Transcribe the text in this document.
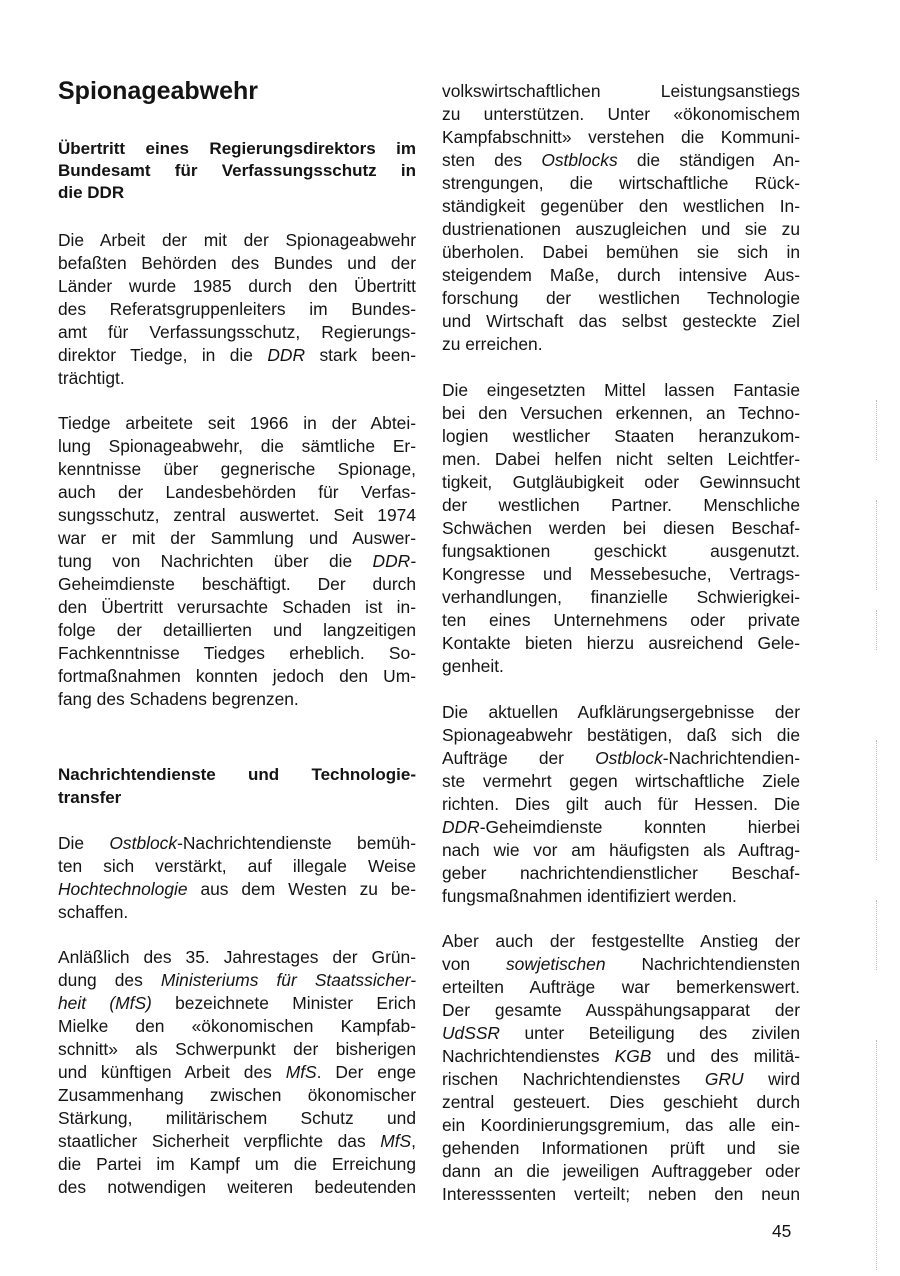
Spionageabwehr
Übertritt eines Regierungsdirektors im
Bundesamt für Verfassungsschutz in
die DDR
Die Arbeit der mit der Spionageabwehr
befaßten Behörden des Bundes und der
Länder wurde 1985 durch den Übertritt
des Referatsgruppenleiters im Bundes-
amt für Verfassungsschutz, Regierungs-
direktor Tiedge, in die DDR stark been-
trächtigt.
Tiedge arbeitete seit 1966 in der Abtei-
lung Spionageabwehr, die sämtliche Er-
kenntnisse über gegnerische Spionage,
auch der Landesbehörden für Verfas-
sungsschutz, zentral auswertet. Seit 1974
war er mit der Sammlung und Auswer-
tung von Nachrichten über die DDR-
Geheimdienste beschäftigt. Der durch
den Übertritt verursachte Schaden ist in-
folge der detaillierten und langzeitigen
Fachkenntnisse Tiedges erheblich. So-
fortmaßnahmen konnten jedoch den Um-
fang des Schadens begrenzen.
Nachrichtendienste und Technologie-
transfer
Die Ostblock-Nachrichtendienste bemüh-
ten sich verstärkt, auf illegale Weise
Hochtechnologie aus dem Westen zu be-
schaffen.
Anläßlich des 35. Jahrestages der Grün-
dung des Ministeriums für Staatssicher-
heit (MfS) bezeichnete Minister Erich
Mielke den «ökonomischen Kampfab-
schnitt» als Schwerpunkt der bisherigen
und künftigen Arbeit des MfS. Der enge
Zusammenhang zwischen ökonomischer
Stärkung, militärischem Schutz und
staatlicher Sicherheit verpflichte das MfS,
die Partei im Kampf um die Erreichung
des notwendigen weiteren bedeutenden
volkswirtschaftlichen Leistungsanstiegs
zu unterstützen. Unter «ökonomischem
Kampfabschnitt» verstehen die Kommuni-
sten des Ostblocks die ständigen An-
strengungen, die wirtschaftliche Rück-
ständigkeit gegenüber den westlichen In-
dustrienationen auszugleichen und sie zu
überholen. Dabei bemühen sie sich in
steigendem Maße, durch intensive Aus-
forschung der westlichen Technologie
und Wirtschaft das selbst gesteckte Ziel
zu erreichen.
Die eingesetzten Mittel lassen Fantasie
bei den Versuchen erkennen, an Techno-
logien westlicher Staaten heranzukom-
men. Dabei helfen nicht selten Leichtfer-
tigkeit, Gutgläubigkeit oder Gewinnsucht
der westlichen Partner. Menschliche
Schwächen werden bei diesen Beschaf-
fungsaktionen geschickt ausgenutzt.
Kongresse und Messebesuche, Vertrags-
verhandlungen, finanzielle Schwierigkei-
ten eines Unternehmens oder private
Kontakte bieten hierzu ausreichend Gele-
genheit.
Die aktuellen Aufklärungsergebnisse der
Spionageabwehr bestätigen, daß sich die
Aufträge der Ostblock-Nachrichtendien-
ste vermehrt gegen wirtschaftliche Ziele
richten. Dies gilt auch für Hessen. Die
DDR-Geheimdienste konnten hierbei
nach wie vor am häufigsten als Auftrag-
geber nachrichtendienstlicher Beschaf-
fungsmaßnahmen identifiziert werden.
Aber auch der festgestellte Anstieg der
von sowjetischen Nachrichtendiensten
erteilten Aufträge war bemerkenswert.
Der gesamte Ausspähungsapparat der
UdSSR unter Beteiligung des zivilen
Nachrichtendienstes KGB und des militä-
rischen Nachrichtendienstes GRU wird
zentral gesteuert. Dies geschieht durch
ein Koordinierungsgremium, das alle ein-
gehenden Informationen prüft und sie
dann an die jeweiligen Auftraggeber oder
Interesssenten verteilt; neben den neun
45
